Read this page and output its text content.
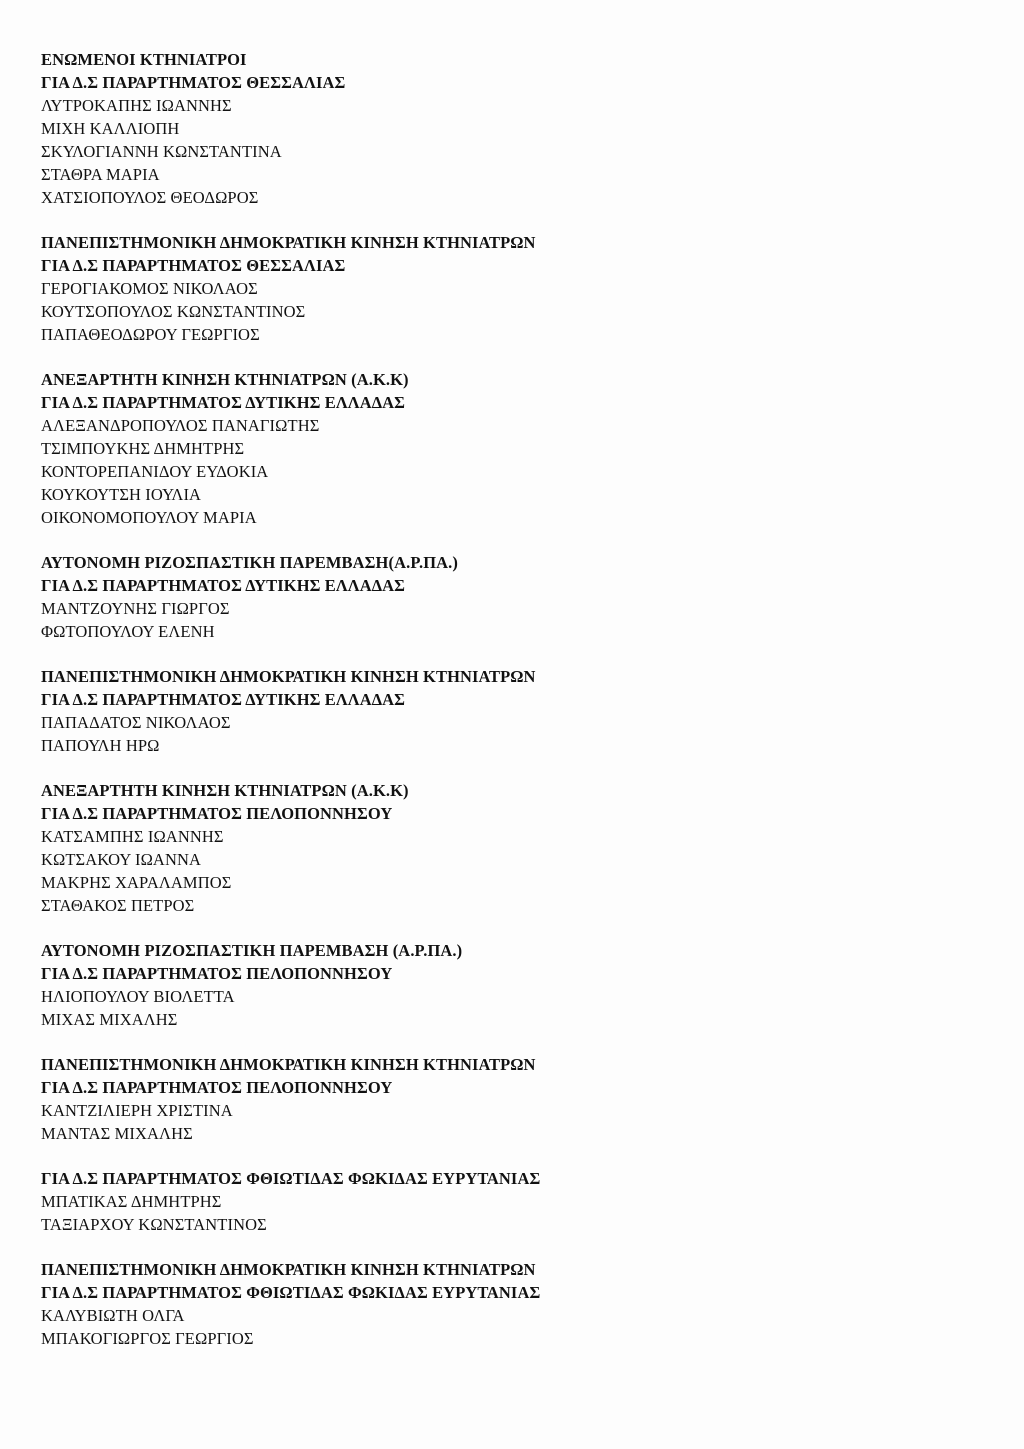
ΕΝΩΜΕΝΟΙ ΚΤΗΝΙΑΤΡΟΙ
ΓΙΑ Δ.Σ ΠΑΡΑΡΤΗΜΑΤΟΣ ΘΕΣΣΑΛΙΑΣ
ΛΥΤΡΟΚΑΠΗΣ ΙΩΑΝΝΗΣ
ΜΙΧΗ ΚΑΛΛΙΟΠΗ
ΣΚΥΛΟΓΙΑΝΝΗ ΚΩΝΣΤΑΝΤΙΝΑ
ΣΤΑΘΡΑ ΜΑΡΙΑ
ΧΑΤΣΙΟΠΟΥΛΟΣ ΘΕΟΔΩΡΟΣ
ΠΑΝΕΠΙΣΤΗΜΟΝΙΚΗ ΔΗΜΟΚΡΑΤΙΚΗ ΚΙΝΗΣΗ ΚΤΗΝΙΑΤΡΩΝ
ΓΙΑ Δ.Σ ΠΑΡΑΡΤΗΜΑΤΟΣ ΘΕΣΣΑΛΙΑΣ
ΓΕΡΟΓΙΑΚΟΜΟΣ ΝΙΚΟΛΑΟΣ
ΚΟΥΤΣΟΠΟΥΛΟΣ ΚΩΝΣΤΑΝΤΙΝΟΣ
ΠΑΠΑΘΕΟΔΩΡΟΥ ΓΕΩΡΓΙΟΣ
ΑΝΕΞΑΡΤΗΤΗ ΚΙΝΗΣΗ ΚΤΗΝΙΑΤΡΩΝ (Α.Κ.Κ)
ΓΙΑ Δ.Σ ΠΑΡΑΡΤΗΜΑΤΟΣ ΔΥΤΙΚΗΣ ΕΛΛΑΔΑΣ
ΑΛΕΞΑΝΔΡΟΠΟΥΛΟΣ ΠΑΝΑΓΙΩΤΗΣ
ΤΣΙΜΠΟΥΚΗΣ ΔΗΜΗΤΡΗΣ
ΚΟΝΤΟΡΕΠΑΝΙΔΟΥ ΕΥΔΟΚΙΑ
ΚΟΥΚΟΥΤΣΗ ΙΟΥΛΙΑ
ΟΙΚΟΝΟΜΟΠΟΥΛΟΥ ΜΑΡΙΑ
ΑΥΤΟΝΟΜΗ ΡΙΖΟΣΠΑΣΤΙΚΗ ΠΑΡΕΜΒΑΣΗ(Α.Ρ.ΠΑ.)
ΓΙΑ Δ.Σ ΠΑΡΑΡΤΗΜΑΤΟΣ ΔΥΤΙΚΗΣ ΕΛΛΑΔΑΣ
ΜΑΝΤΖΟΥΝΗΣ ΓΙΩΡΓΟΣ
ΦΩΤΟΠΟΥΛΟΥ ΕΛΕΝΗ
ΠΑΝΕΠΙΣΤΗΜΟΝΙΚΗ ΔΗΜΟΚΡΑΤΙΚΗ ΚΙΝΗΣΗ ΚΤΗΝΙΑΤΡΩΝ
ΓΙΑ Δ.Σ ΠΑΡΑΡΤΗΜΑΤΟΣ ΔΥΤΙΚΗΣ ΕΛΛΑΔΑΣ
ΠΑΠΑΔΑΤΟΣ ΝΙΚΟΛΑΟΣ
ΠΑΠΟΥΛΗ ΗΡΩ
ΑΝΕΞΑΡΤΗΤΗ ΚΙΝΗΣΗ ΚΤΗΝΙΑΤΡΩΝ (Α.Κ.Κ)
ΓΙΑ Δ.Σ ΠΑΡΑΡΤΗΜΑΤΟΣ ΠΕΛΟΠΟΝΝΗΣΟΥ
ΚΑΤΣΑΜΠΗΣ ΙΩΑΝΝΗΣ
ΚΩΤΣΑΚΟΥ ΙΩΑΝΝΑ
ΜΑΚΡΗΣ ΧΑΡΑΛΑΜΠΟΣ
ΣΤΑΘΑΚΟΣ ΠΕΤΡΟΣ
ΑΥΤΟΝΟΜΗ ΡΙΖΟΣΠΑΣΤΙΚΗ ΠΑΡΕΜΒΑΣΗ (Α.Ρ.ΠΑ.)
ΓΙΑ Δ.Σ ΠΑΡΑΡΤΗΜΑΤΟΣ ΠΕΛΟΠΟΝΝΗΣΟΥ
ΗΛΙΟΠΟΥΛΟΥ ΒΙΟΛΕΤΤΑ
ΜΙΧΑΣ ΜΙΧΑΛΗΣ
ΠΑΝΕΠΙΣΤΗΜΟΝΙΚΗ ΔΗΜΟΚΡΑΤΙΚΗ ΚΙΝΗΣΗ ΚΤΗΝΙΑΤΡΩΝ
ΓΙΑ Δ.Σ ΠΑΡΑΡΤΗΜΑΤΟΣ ΠΕΛΟΠΟΝΝΗΣΟΥ
ΚΑΝΤΖΙΛΙΕΡΗ ΧΡΙΣΤΙΝΑ
ΜΑΝΤΑΣ ΜΙΧΑΛΗΣ
ΓΙΑ Δ.Σ ΠΑΡΑΡΤΗΜΑΤΟΣ ΦΘΙΩΤΙΔΑΣ ΦΩΚΙΔΑΣ ΕΥΡΥΤΑΝΙΑΣ
ΜΠΑΤΙΚΑΣ ΔΗΜΗΤΡΗΣ
ΤΑΞΙΑΡΧΟΥ ΚΩΝΣΤΑΝΤΙΝΟΣ
ΠΑΝΕΠΙΣΤΗΜΟΝΙΚΗ ΔΗΜΟΚΡΑΤΙΚΗ ΚΙΝΗΣΗ ΚΤΗΝΙΑΤΡΩΝ
ΓΙΑ Δ.Σ ΠΑΡΑΡΤΗΜΑΤΟΣ ΦΘΙΩΤΙΔΑΣ ΦΩΚΙΔΑΣ ΕΥΡΥΤΑΝΙΑΣ
ΚΑΛΥΒΙΩΤΗ ΟΛΓΑ
ΜΠΑΚΟΓΙΩΡΓΟΣ ΓΕΩΡΓΙΟΣ
